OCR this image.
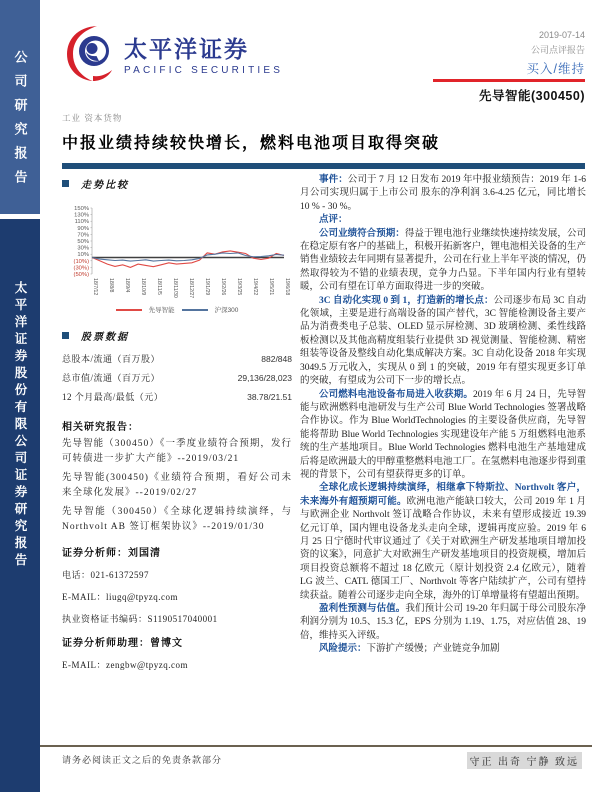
公司研究报告
太平洋证券股份有限公司证券研究报告
太平洋证券
PACIFIC SECURITIES
2019-07-14
公司点评报告
买入/维持
先导智能(300450)
工业 资本货物
中报业绩持续较快增长，燃料电池项目取得突破
走势比较
150%
130%
110%
90%
70%
50%
30%
10%
(10%)
(30%)
(50%)
18/7/12 18/8/8 18/9/4 18/10/9 18/11/5 18/11/30 18/12/27 19/1/29 19/2/26 19/3/25 19/4/22 19/5/21 19/6/18
先导智能	沪深300
股票数据
总股本/流通（百万股）	882/848
总市值/流通（百万元）	29,136/28,023
12 个月最高/最低（元）	38.78/21.51
相关研究报告：
先导智能（300450）《一季度业绩符合预期，发行可转债进一步扩大产能》--2019/03/21
先导智能(300450)《业绩符合预期，看好公司未来全球化发展》--2019/02/27
先导智能（300450）《全球化逻辑持续演绎，与 Northvolt AB 签订框架协议》--2019/01/30
证券分析师：刘国清
电话：021-61372597
E-MAIL：liugq@tpyzq.com
执业资格证书编码：S1190517040001
证券分析师助理：曾博文
E-MAIL：zengbw@tpyzq.com

事件：公司于 7 月 12 日发布 2019 年中报业绩预告：2019 年 1-6 月公司实现归属于上市公司 股东的净利润 3.6-4.25 亿元，同比增长 10 % - 30 %。

点评：

公司业绩符合预期：得益于锂电池行业继续快速持续发展，公司在稳定原有客户的基础上，积极开拓新客户，锂电池相关设备的生产销售业绩较去年同期有显著提升，公司在行业上半年平淡的情况，仍然取得较为不错的业绩表现，竞争力凸显。下半年国内行业有望转暖，公司有望在订单方面取得进一步的突破。

3C 自动化实现 0 到 1，打造新的增长点：公司逐步布局 3C 自动化领域，主要是进行高端设备的国产替代，3C 智能检测设备主要产品为消费类电子总装、OLED 显示屏检测、3D 玻璃检测、柔性线路板检测以及其他高精度组装行业提供 3D 视觉测量、智能检测、精密组装等设备及整线自动化集成解决方案。3C 自动化设备 2018 年实现 3049.5 万元收入，实现从 0 到 1 的突破，2019 年有望实现更多订单的突破，有望成为公司下一步的增长点。

公司燃料电池设备布局进入收获期。2019 年 6 月 24 日，先导智能与欧洲燃料电池研发与生产公司 Blue World Technologies 签署战略合作协议。作为 Blue WorldTechnologies 的主要设备供应商，先导智能将帮助 Blue World Technologies 实现建设年产能 5 万组燃料电池系统的生产基地项目。Blue World Technologies 燃料电池生产基地建成后将是欧洲最大的甲醇重整燃料电池工厂。在氢燃料电池逐步得到重视的背景下，公司有望获得更多的订单。

全球化成长逻辑持续演绎，相继拿下特斯拉、Northvolt 客户，未来海外有超预期可能。欧洲电池产能缺口较大，公司 2019 年 1 月与欧洲企业 Northvolt 签订战略合作协议，未来有望形成接近 19.39 亿元订单，国内锂电设备龙头走向全球，逻辑再度应验。2019 年 6 月 25 日宁德时代审议通过了《关于对欧洲生产研发基地项目增加投资的议案》，同意扩大对欧洲生产研发基地项目的投资规模，增加后项目投资总额将不超过 18 亿欧元（原计划投资 2.4 亿欧元），随着 LG 波兰、CATL 德国工厂、Northvolt 等客户陆续扩产，公司有望持续获益。随着公司逐步走向全球，海外的订单增量将有望超出预期。

盈利性预测与估值。我们预计公司 19-20 年归属于母公司股东净利润分别为 10.5、15.3 亿，EPS 分别为 1.19、1.75，对应估值 28、19 倍，维持买入评级。

风险提示：下游扩产缓慢；产业链竞争加剧

请务必阅读正文之后的免责条款部分	守正 出奇 宁静 致远
